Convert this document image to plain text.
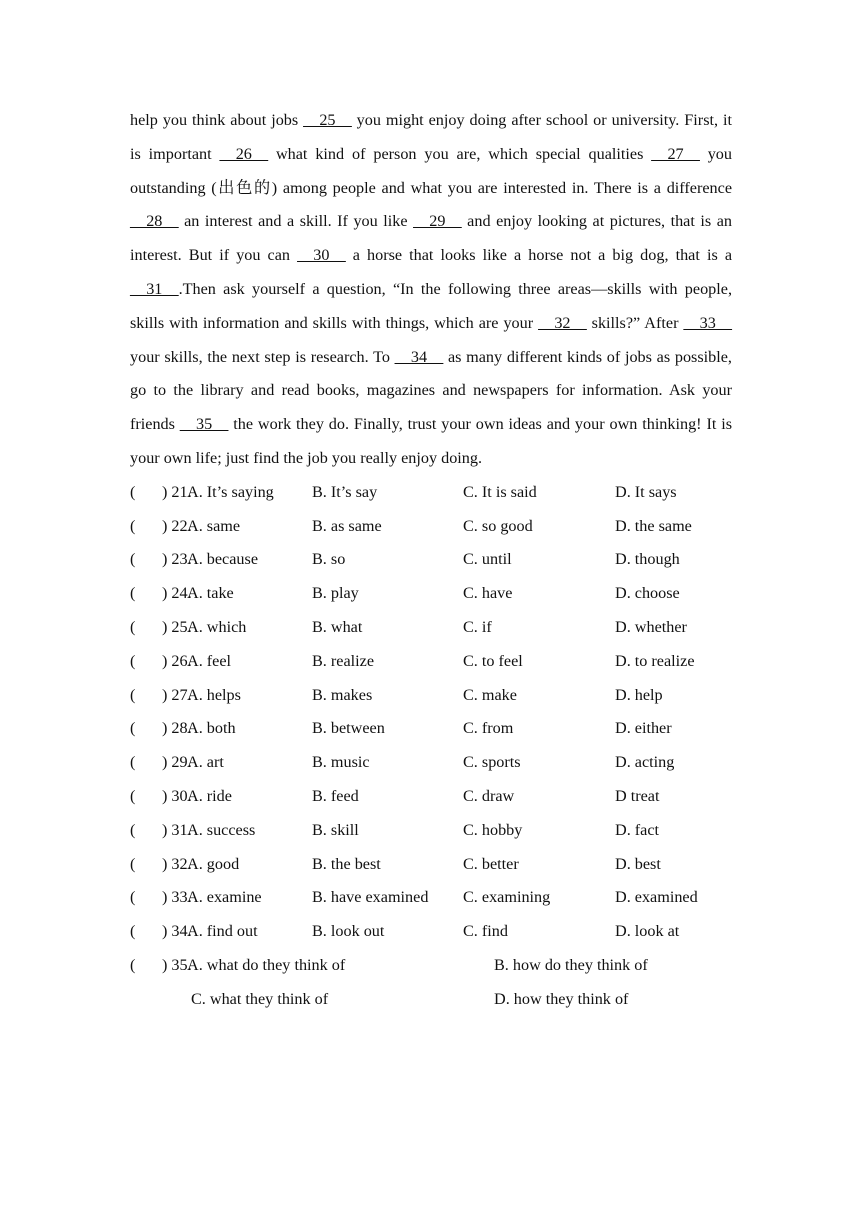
help you think about jobs __25__ you might enjoy doing after school or university. First, it is important __26__ what kind of person you are, which special qualities __27__ you outstanding (出色的) among people and what you are interested in. There is a difference __28__ an interest and a skill. If you like __29__ and enjoy looking at pictures, that is an interest. But if you can __30__ a horse that looks like a horse not a big dog, that is a __31__.Then ask yourself a question, “In the following three areas—skills with people, skills with information and skills with things, which are your __32__ skills?” After __33__ your skills, the next step is research. To __34__ as many different kinds of jobs as possible, go to the library and read books, magazines and newspapers for information. Ask your friends __35__ the work they do. Finally, trust your own ideas and your own thinking! It is your own life; just find the job you really enjoy doing.

( ) 21.
A. It’s saying B. It’s say	C. It is said	D. It says
( ) 22.
A. same	B. as same	C. so good	D. the same
( ) 23.
A. because	B. so	C. until	D. though
( ) 24.
A. take	B. play	C. have	D. choose
( ) 25.
A. which	B. what	C. if	D. whether
( ) 26.
A. feel	B. realize	C. to feel	D. to realize
( ) 27.
A. helps	B. makes	C. make	D. help
( ) 28.
A. both	B. between	C. from	D. either
( ) 29.
A. art	B. music	C. sports	D. acting
( ) 30.
A. ride	B. feed	C. draw	D treat
( ) 31.
A. success	B. skill	C. hobby	D. fact
( ) 32.
A. good	B. the best	C. better	D. best
( ) 33.
A. examine	B. have examined C. examining	D. examined
( ) 34.
A. find out	B. look out	C. find	D. look at
( ) 35.
A. what do they think of	B. how do they think of
C. what they think of	D. how they think of
